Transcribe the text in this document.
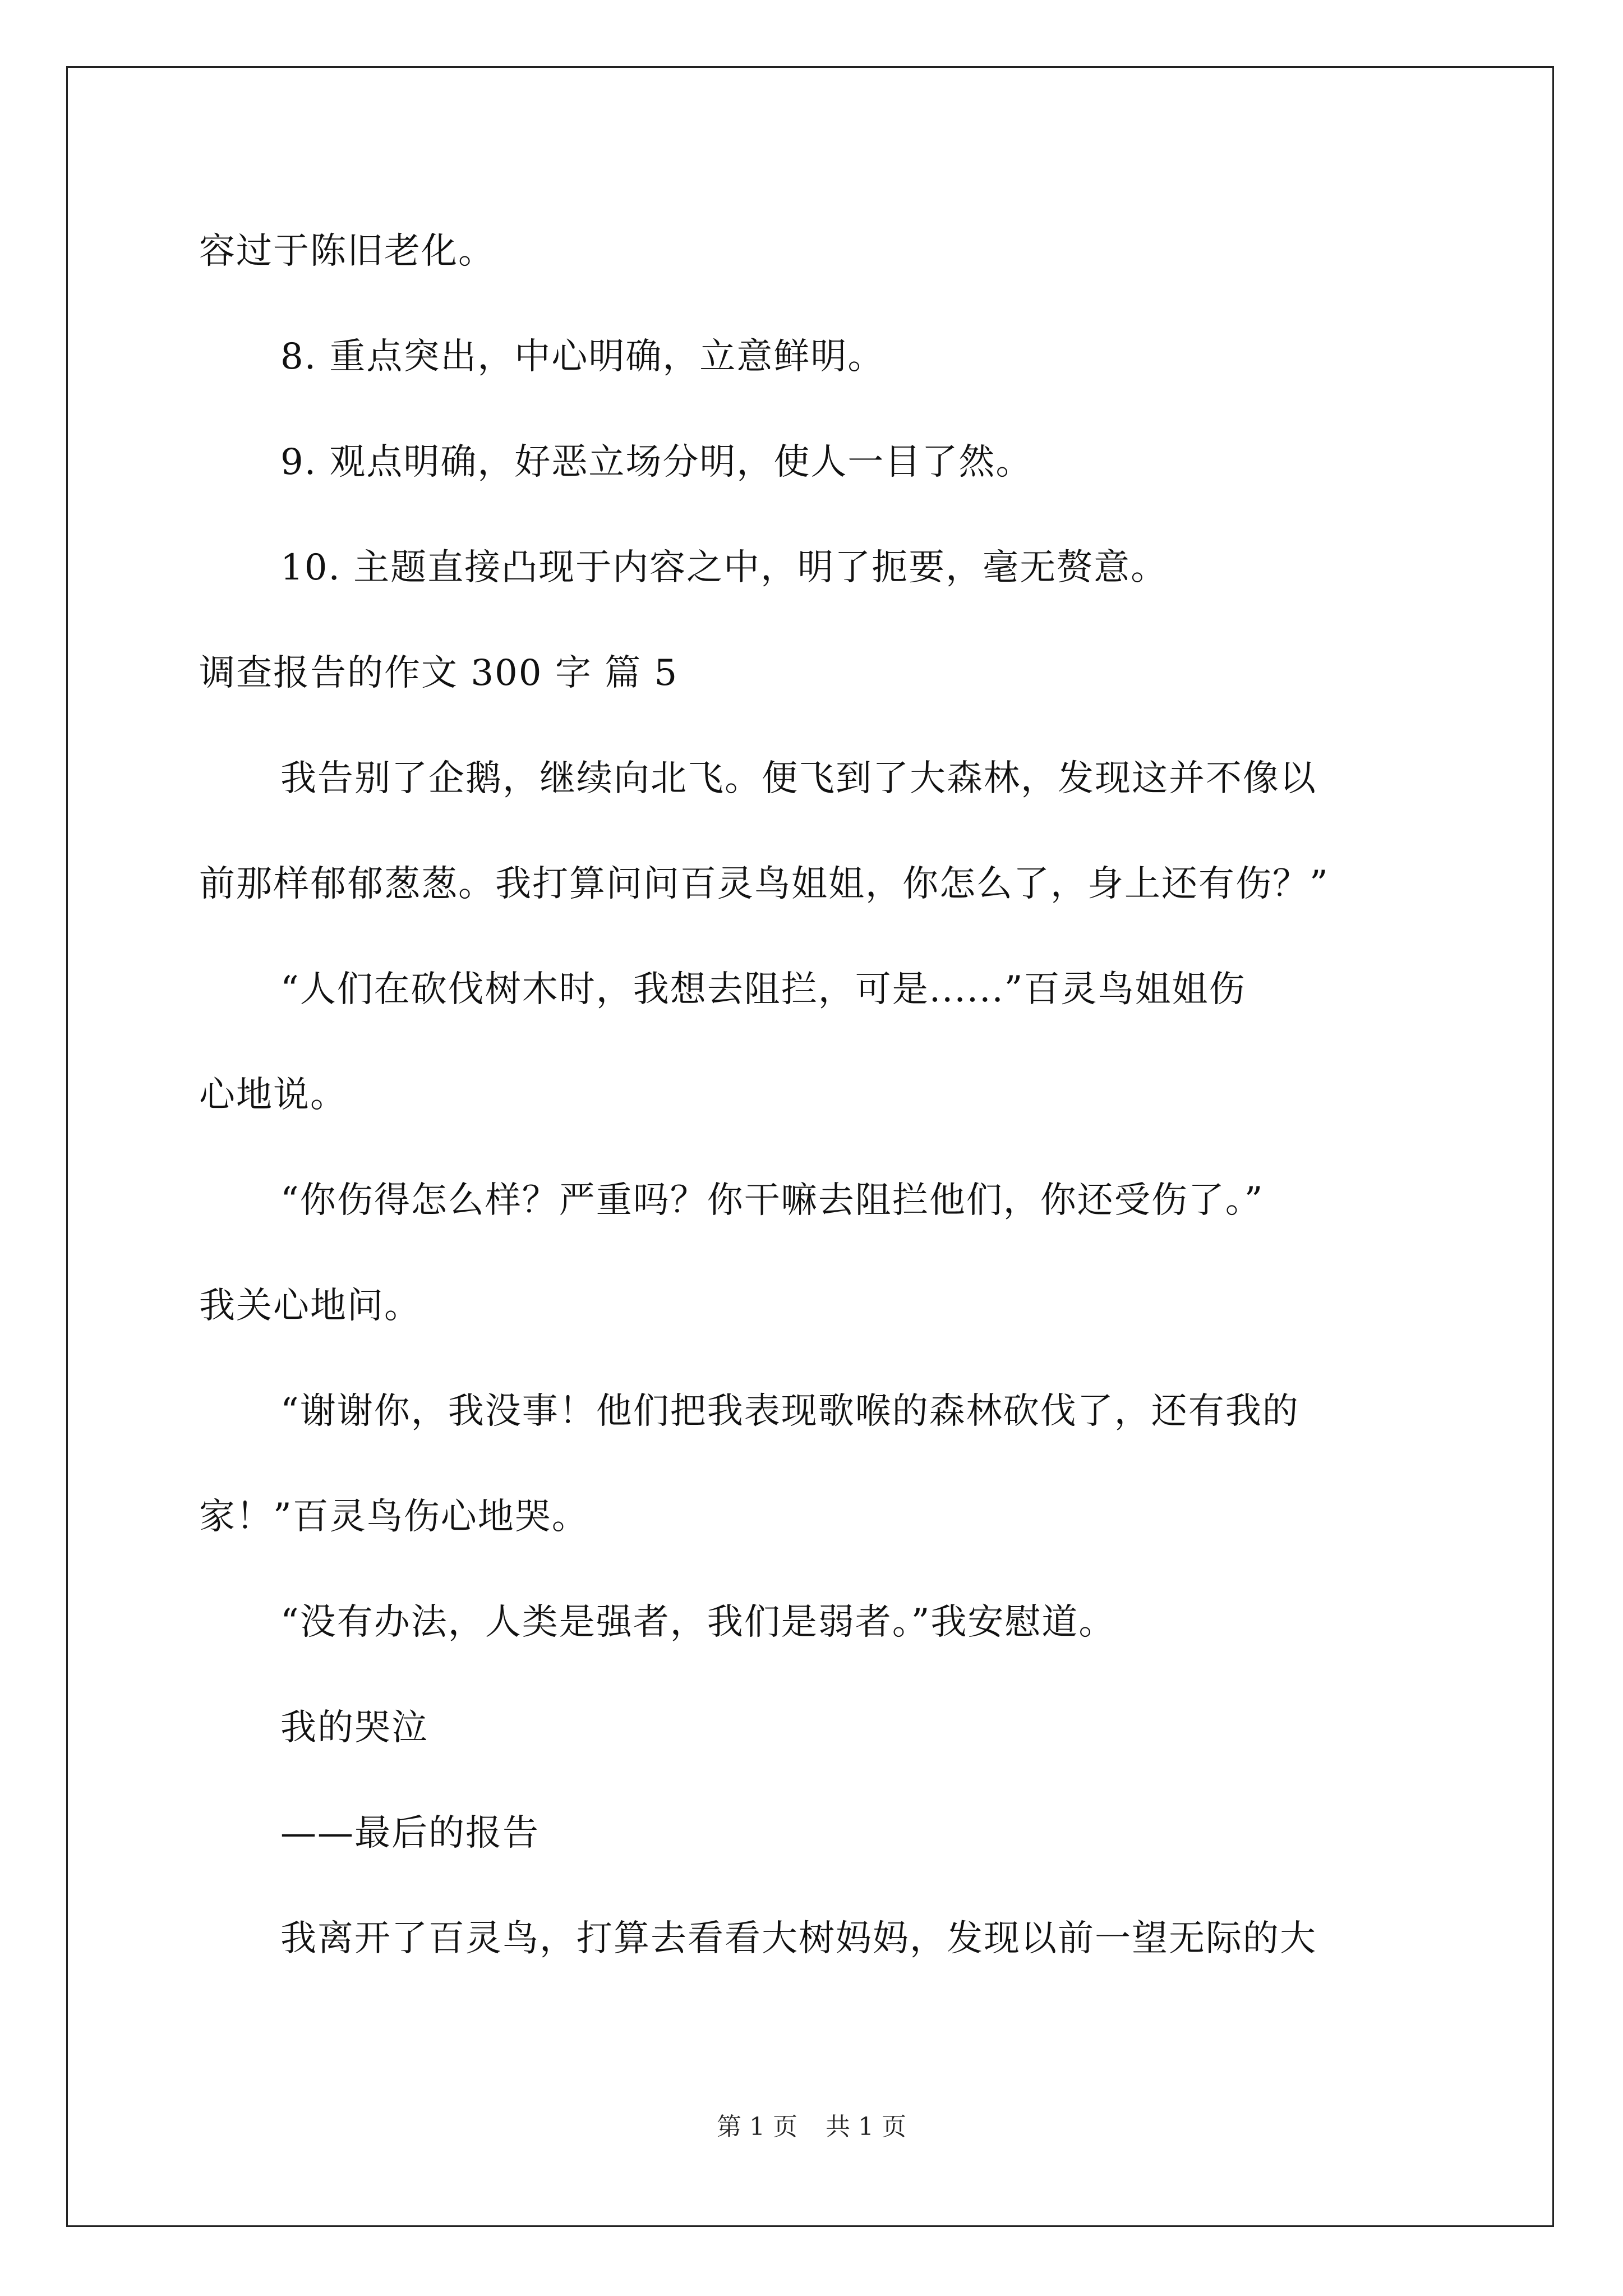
容过于陈旧老化。
8. 重点突出，中心明确，立意鲜明。
9. 观点明确，好恶立场分明，使人一目了然。
10. 主题直接凸现于内容之中，明了扼要，毫无赘意。
调查报告的作文 300 字 篇 5
我告别了企鹅，继续向北飞。便飞到了大森林，发现这并不像以
前那样郁郁葱葱。我打算问问百灵鸟姐姐，你怎么了，身上还有伤？”
“人们在砍伐树木时，我想去阻拦，可是......”百灵鸟姐姐伤
心地说。
“你伤得怎么样？严重吗？你干嘛去阻拦他们，你还受伤了。”
我关心地问。
“谢谢你，我没事！他们把我表现歌喉的森林砍伐了，还有我的
家！”百灵鸟伤心地哭。
“没有办法，人类是强者，我们是弱者。”我安慰道。
我的哭泣
——最后的报告
我离开了百灵鸟，打算去看看大树妈妈，发现以前一望无际的大
第 1 页 共 1 页
